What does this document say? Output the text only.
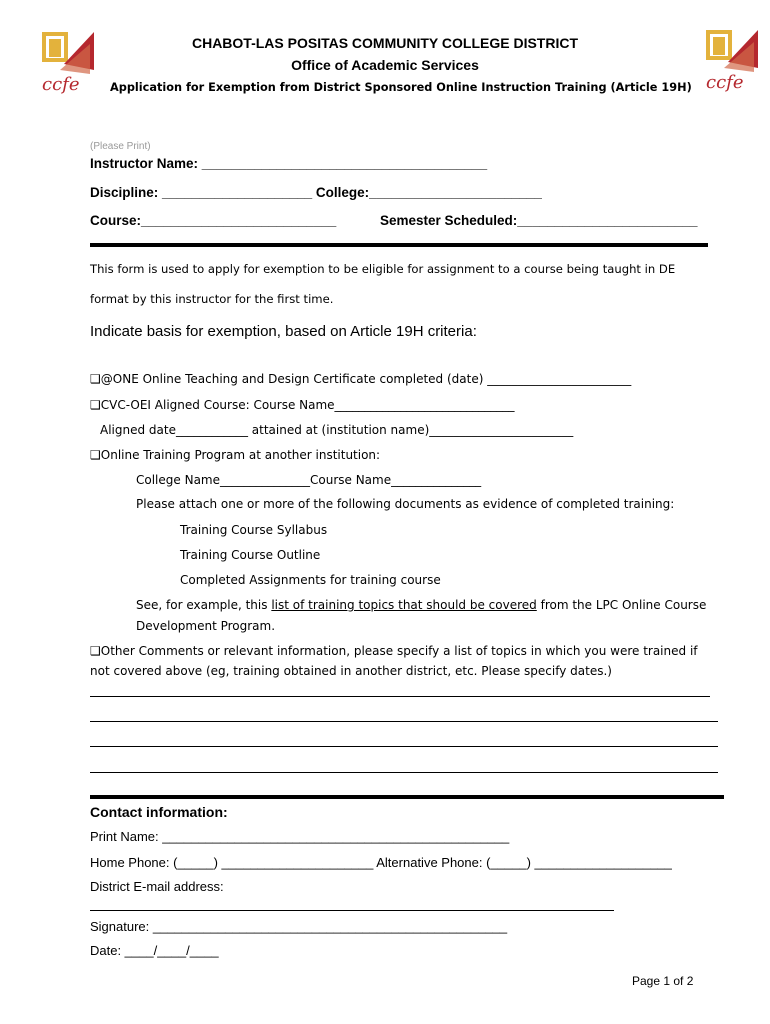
ccfe	ccfe
CHABOT-LAS POSITAS COMMUNITY COLLEGE DISTRICT
Office of Academic Services
Application for Exemption from District Sponsored Online Instruction Training (Article 19H)
(Please Print)
Instructor Name: ______________________________________
Discipline: ____________________ College:_______________________
Course:__________________________	Semester Scheduled:________________________
This form is used to apply for exemption to be eligible for assignment to a course being taught in DE
format by this instructor for the first time.
Indicate basis for exemption, based on Article 19H criteria:
❑@ONE Online Teaching and Design Certificate completed (date) ________________________
❑CVC-OEI Aligned Course: Course Name______________________________
Aligned date____________ attained at (institution name)________________________
❑Online Training Program at another institution:
College Name_______________Course Name_______________
Please attach one or more of the following documents as evidence of completed training:
Training Course Syllabus
Training Course Outline
Completed Assignments for training course
See, for example, this list of training topics that should be covered from the LPC Online Course
Development Program.
❑Other Comments or relevant information, please specify a list of topics in which you were trained if
not covered above (eg, training obtained in another district, etc. Please specify dates.)
Contact information:
Print Name: ________________________________________________
Home Phone: (_____) _____________________ Alternative Phone: (_____) ___________________
District E-mail address:
Signature: _________________________________________________
Date: ____/____/____
Page 1 of 2
